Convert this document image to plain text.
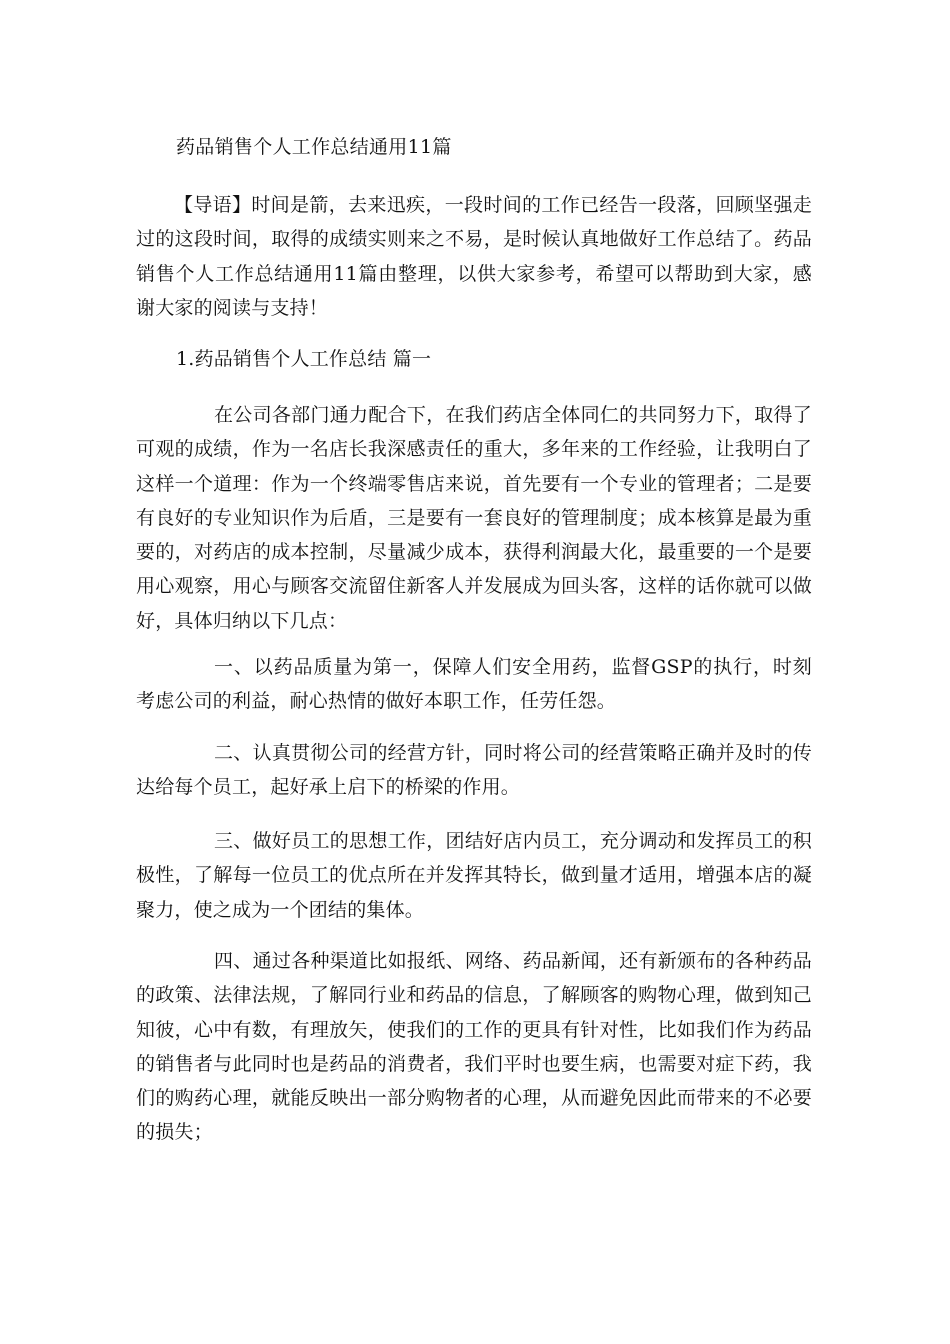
药品销售个人工作总结通用11篇
【导语】时间是箭，去来迅疾，一段时间的工作已经告一段落，回顾坚强走过的这段时间，取得的成绩实则来之不易，是时候认真地做好工作总结了。药品销售个人工作总结通用11篇由整理，以供大家参考，希望可以帮助到大家，感谢大家的阅读与支持！
1.药品销售个人工作总结 篇一
在公司各部门通力配合下，在我们药店全体同仁的共同努力下，取得了可观的成绩，作为一名店长我深感责任的重大，多年来的工作经验，让我明白了这样一个道理：作为一个终端零售店来说，首先要有一个专业的管理者；二是要有良好的专业知识作为后盾，三是要有一套良好的管理制度；成本核算是最为重要的，对药店的成本控制，尽量减少成本，获得利润最大化，最重要的一个是要用心观察，用心与顾客交流留住新客人并发展成为回头客，这样的话你就可以做好，具体归纳以下几点：
一、以药品质量为第一，保障人们安全用药，监督GSP的执行，时刻考虑公司的利益，耐心热情的做好本职工作，任劳任怨。
二、认真贯彻公司的经营方针，同时将公司的经营策略正确并及时的传达给每个员工，起好承上启下的桥梁的作用。
三、做好员工的思想工作，团结好店内员工，充分调动和发挥员工的积极性，了解每一位员工的优点所在并发挥其特长，做到量才适用，增强本店的凝聚力，使之成为一个团结的集体。
四、通过各种渠道比如报纸、网络、药品新闻，还有新颁布的各种药品的政策、法律法规，了解同行业和药品的信息，了解顾客的购物心理，做到知己知彼，心中有数，有理放矢，使我们的工作的更具有针对性，比如我们作为药品的销售者与此同时也是药品的消费者，我们平时也要生病，也需要对症下药，我们的购药心理，就能反映出一部分购物者的心理，从而避免因此而带来的不必要的损失；
